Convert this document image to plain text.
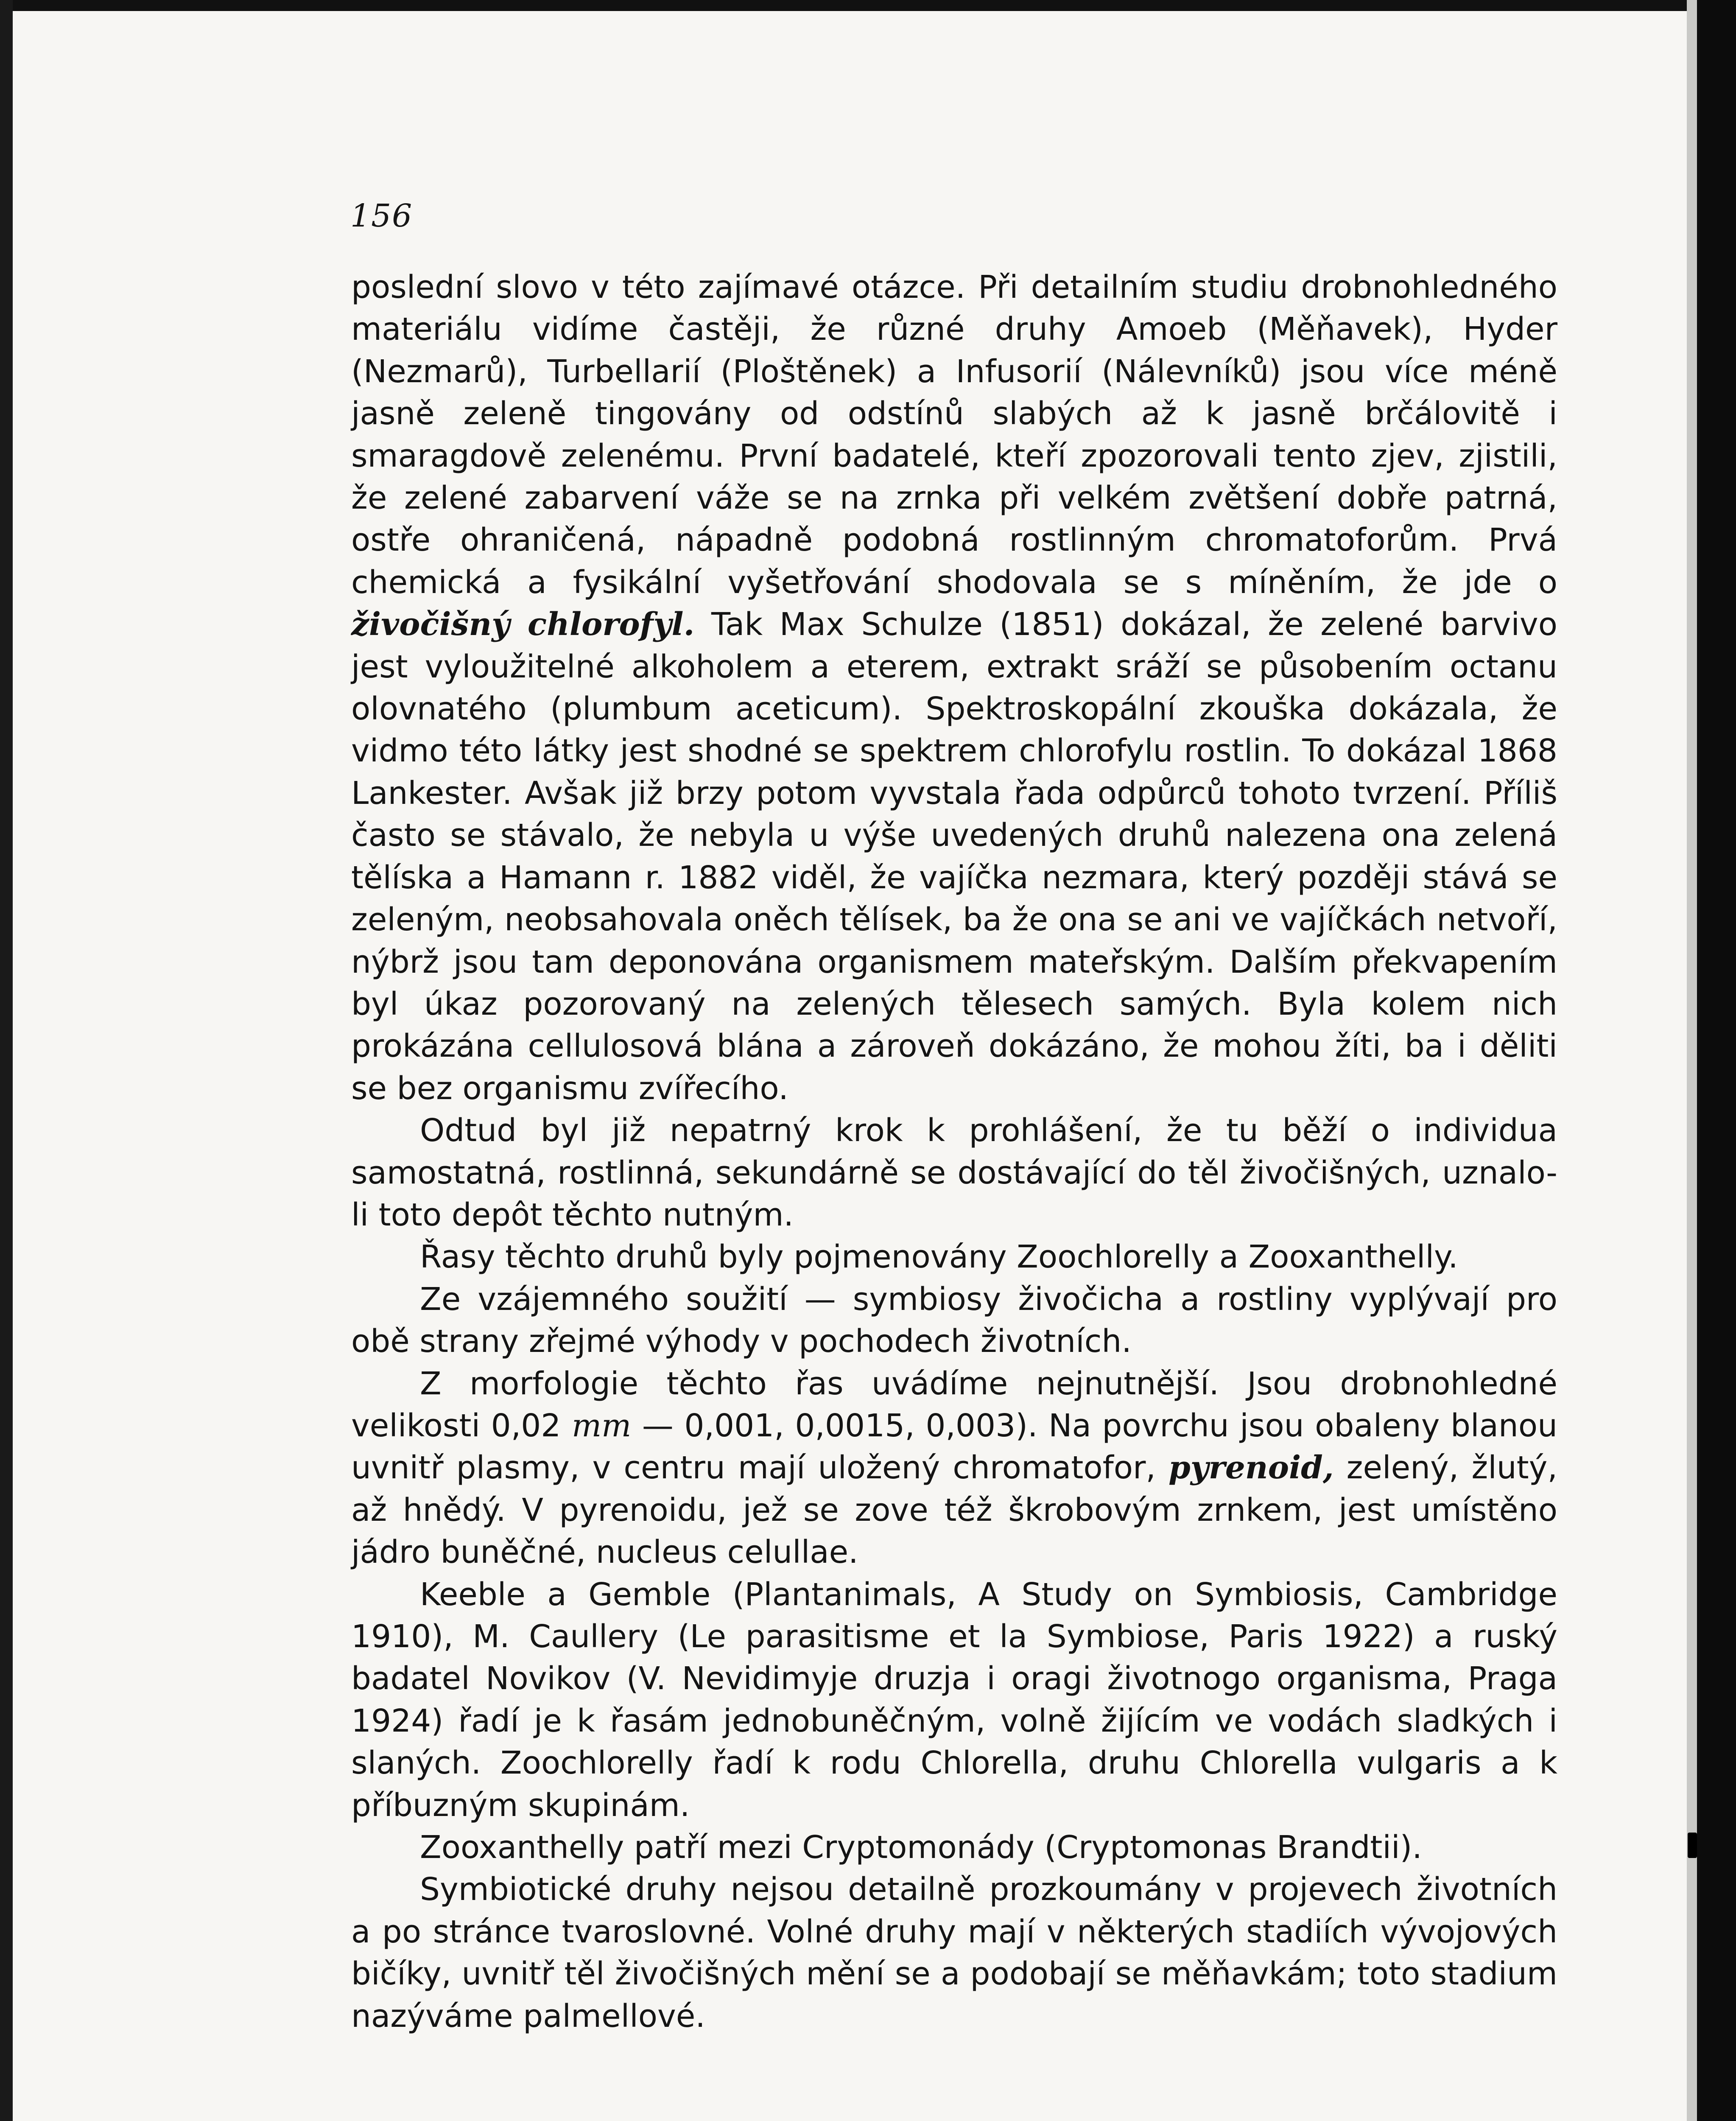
156

poslední slovo v této zajímavé otázce. Při detailním studiu drobnohledného materiálu vidíme častěji, že různé druhy Amoeb (Měňavek), Hyder (Nezmarů), Turbellarií (Ploštěnek) a Infusorií (Nálevníků) jsou více méně jasně zeleně tingovány od odstínů slabých až k jasně brčálovitě i smaragdově zelenému. První badatelé, kteří zpozorovali tento zjev, zjistili, že zelené zabarvení váže se na zrnka při velkém zvětšení dobře patrná, ostře ohraničená, nápadně podobná rostlinným chromatoforům. Prvá chemická a fysikální vyšetřování shodovala se s míněním, že jde o živočišný chlorofyl. Tak Max Schulze (1851) dokázal, že zelené barvivo jest vyloužitelné alkoholem a eterem, extrakt sráží se působením octanu olovnatého (plumbum aceticum). Spektroskopální zkouška dokázala, že vidmo této látky jest shodné se spektrem chlorofylu rostlin. To dokázal 1868 Lankester. Avšak již brzy potom vyvstala řada odpůrců tohoto tvrzení. Příliš často se stávalo, že nebyla u výše uvedených druhů nalezena ona zelená tělíska a Hamann r. 1882 viděl, že vajíčka nezmara, který později stává se zeleným, neobsahovala oněch tělísek, ba že ona se ani ve vajíčkách netvoří, nýbrž jsou tam deponována organismem mateřským. Dalším překvapením byl úkaz pozorovaný na zelených tělesech samých. Byla kolem nich prokázána cellulosová blána a zároveň dokázáno, že mohou žíti, ba i děliti se bez organismu zvířecího.

Odtud byl již nepatrný krok k prohlášení, že tu běží o individua samostatná, rostlinná, sekundárně se dostávající do těl živočišných, uznalo-li toto depôt těchto nutným.

Řasy těchto druhů byly pojmenovány Zoochlorelly a Zooxanthelly.

Ze vzájemného soužití — symbiosy živočicha a rostliny vyplývají pro obě strany zřejmé výhody v pochodech životních.

Z morfologie těchto řas uvádíme nejnutnější. Jsou drobnohledné velikosti 0,02 mm — 0,001, 0,0015, 0,003). Na povrchu jsou obaleny blanou uvnitř plasmy, v centru mají uložený chromatofor, pyrenoid, zelený, žlutý, až hnědý. V pyrenoidu, jež se zove též škrobovým zrnkem, jest umístěno jádro buněčné, nucleus celullae.

Keeble a Gemble (Plantanimals, A Study on Symbiosis, Cambridge 1910), M. Caullery (Le parasitisme et la Symbiose, Paris 1922) a ruský badatel Novikov (V. Nevidimyje druzja i oragi životnogo organisma, Praga 1924) řadí je k řasám jednobuněčným, volně žijícím ve vodách sladkých i slaných. Zoochlorelly řadí k rodu Chlorella, druhu Chlorella vulgaris a k příbuzným skupinám.

Zooxanthelly patří mezi Cryptomonády (Cryptomonas Brandtii).

Symbiotické druhy nejsou detailně prozkoumány v projevech životních a po stránce tvaroslovné. Volné druhy mají v některých stadiích vývojových bičíky, uvnitř těl živočišných mění se a podobají se měňavkám; toto stadium nazýváme palmellové.
